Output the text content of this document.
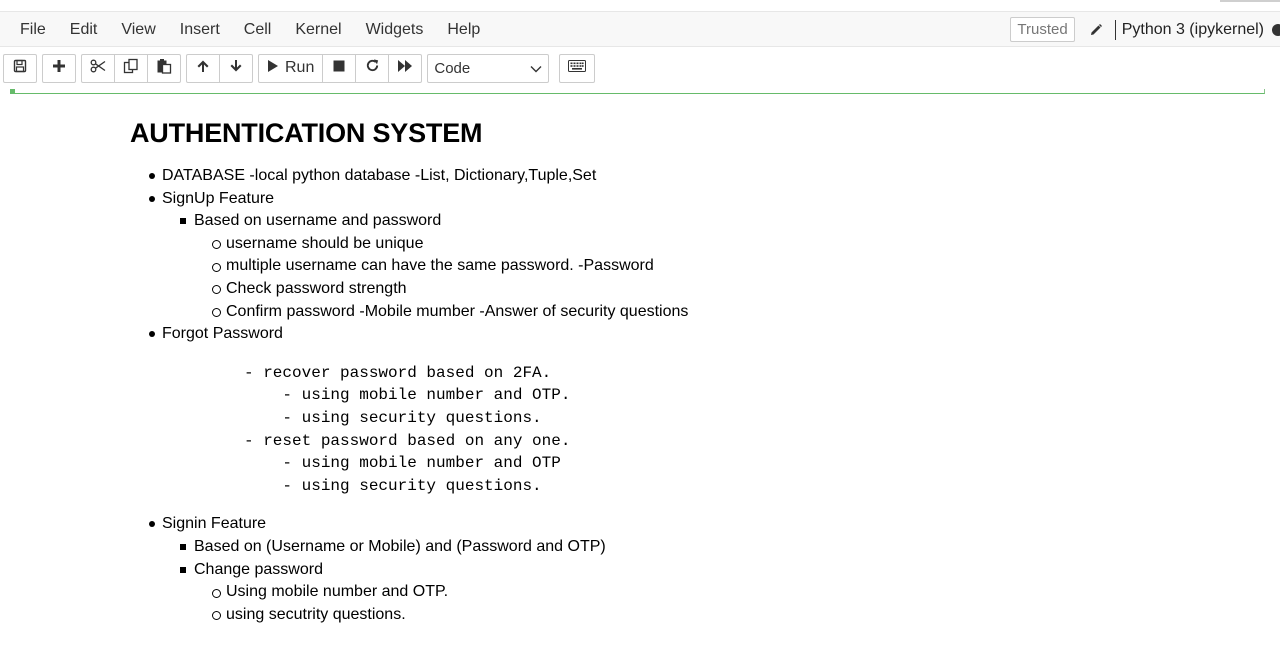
File	Edit	View	Insert	Cell	Kernel	Widgets	Help	Trusted	Python 3 (ipykernel)
Run	Code
AUTHENTICATION SYSTEM
DATABASE -local python database -List, Dictionary,Tuple,Set
SignUp Feature
Based on username and password
username should be unique
multiple username can have the same password. -Password
Check password strength
Confirm password -Mobile mumber -Answer of security questions
Forgot Password
- recover password based on 2FA.
- using mobile number and OTP.
- using security questions.
- reset password based on any one.
- using mobile number and OTP
- using security questions.
Signin Feature
Based on (Username or Mobile) and (Password and OTP)
Change password
Using mobile number and OTP.
using secutrity questions.
